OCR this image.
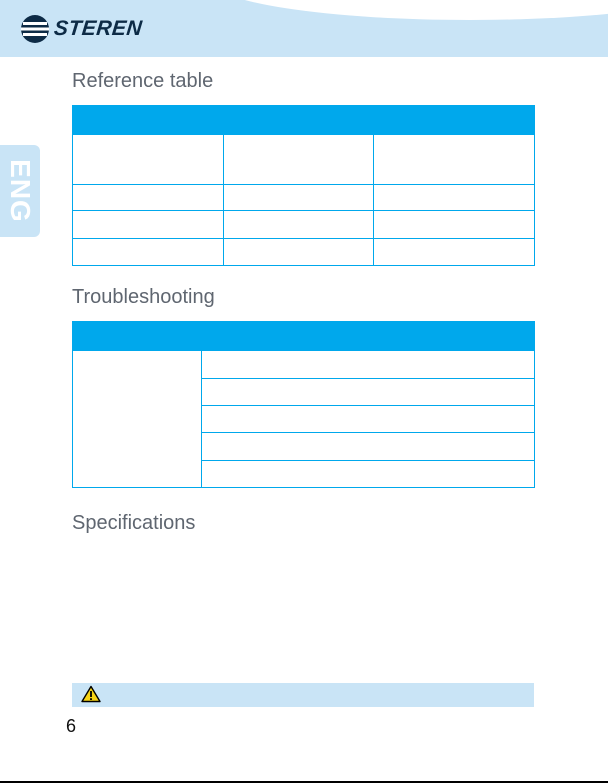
STEREN
ENG
Reference table

Troubleshooting

Specifications
6
